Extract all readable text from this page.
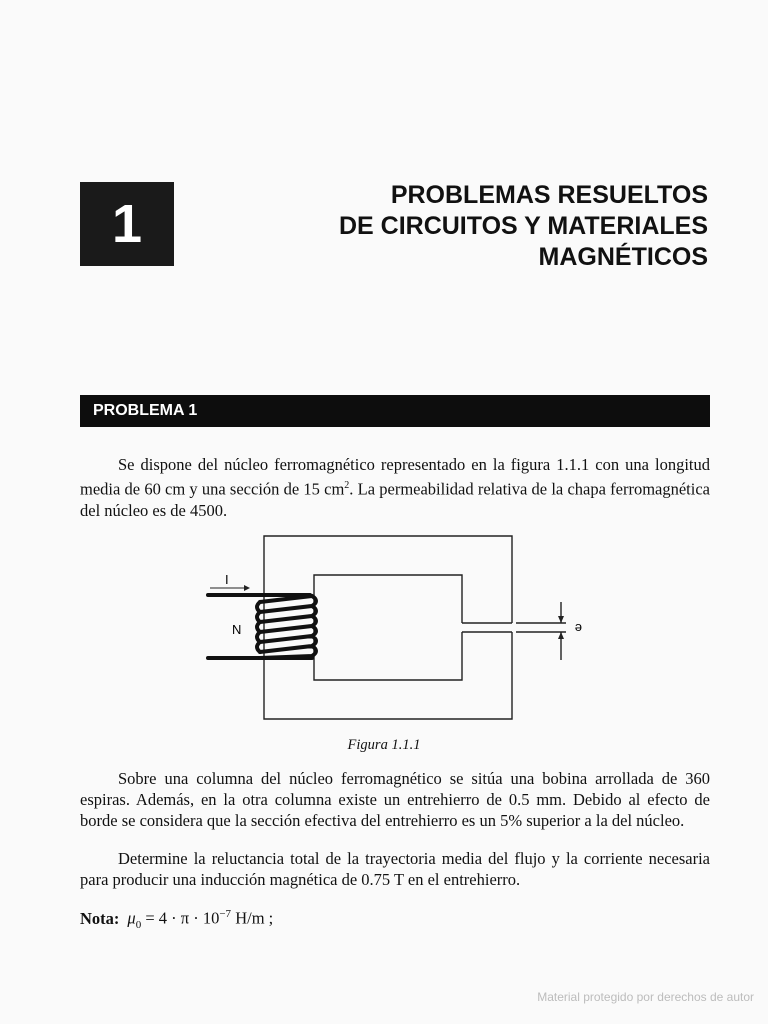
1	PROBLEMAS RESUELTOS
DE CIRCUITOS Y MATERIALES
MAGNÉTICOS
PROBLEMA 1

Se dispone del núcleo ferromagnético representado en la figura 1.1.1 con una longitud media de 60 cm y una sección de 15 $cm^2$. La permeabilidad relativa de la chapa ferromagnética del núcleo es de 4500.

I
N	e
Figura 1.1.1

Sobre una columna del núcleo ferromagnético se sitúa una bobina arrollada de 360 espiras. Además, en la otra columna existe un entrehierro de 0.5 mm. Debido al efecto de borde se considera que la sección efectiva del entrehierro es un 5% superior a la del núcleo.

Determine la reluctancia total de la trayectoria media del flujo y la corriente necesaria para producir una inducción magnética de 0.75 T en el entrehierro.

Nota: $\mu_0 = 4 \cdot \pi \cdot 10^{-7}$ H/m ;
Material protegido por derechos de autor
